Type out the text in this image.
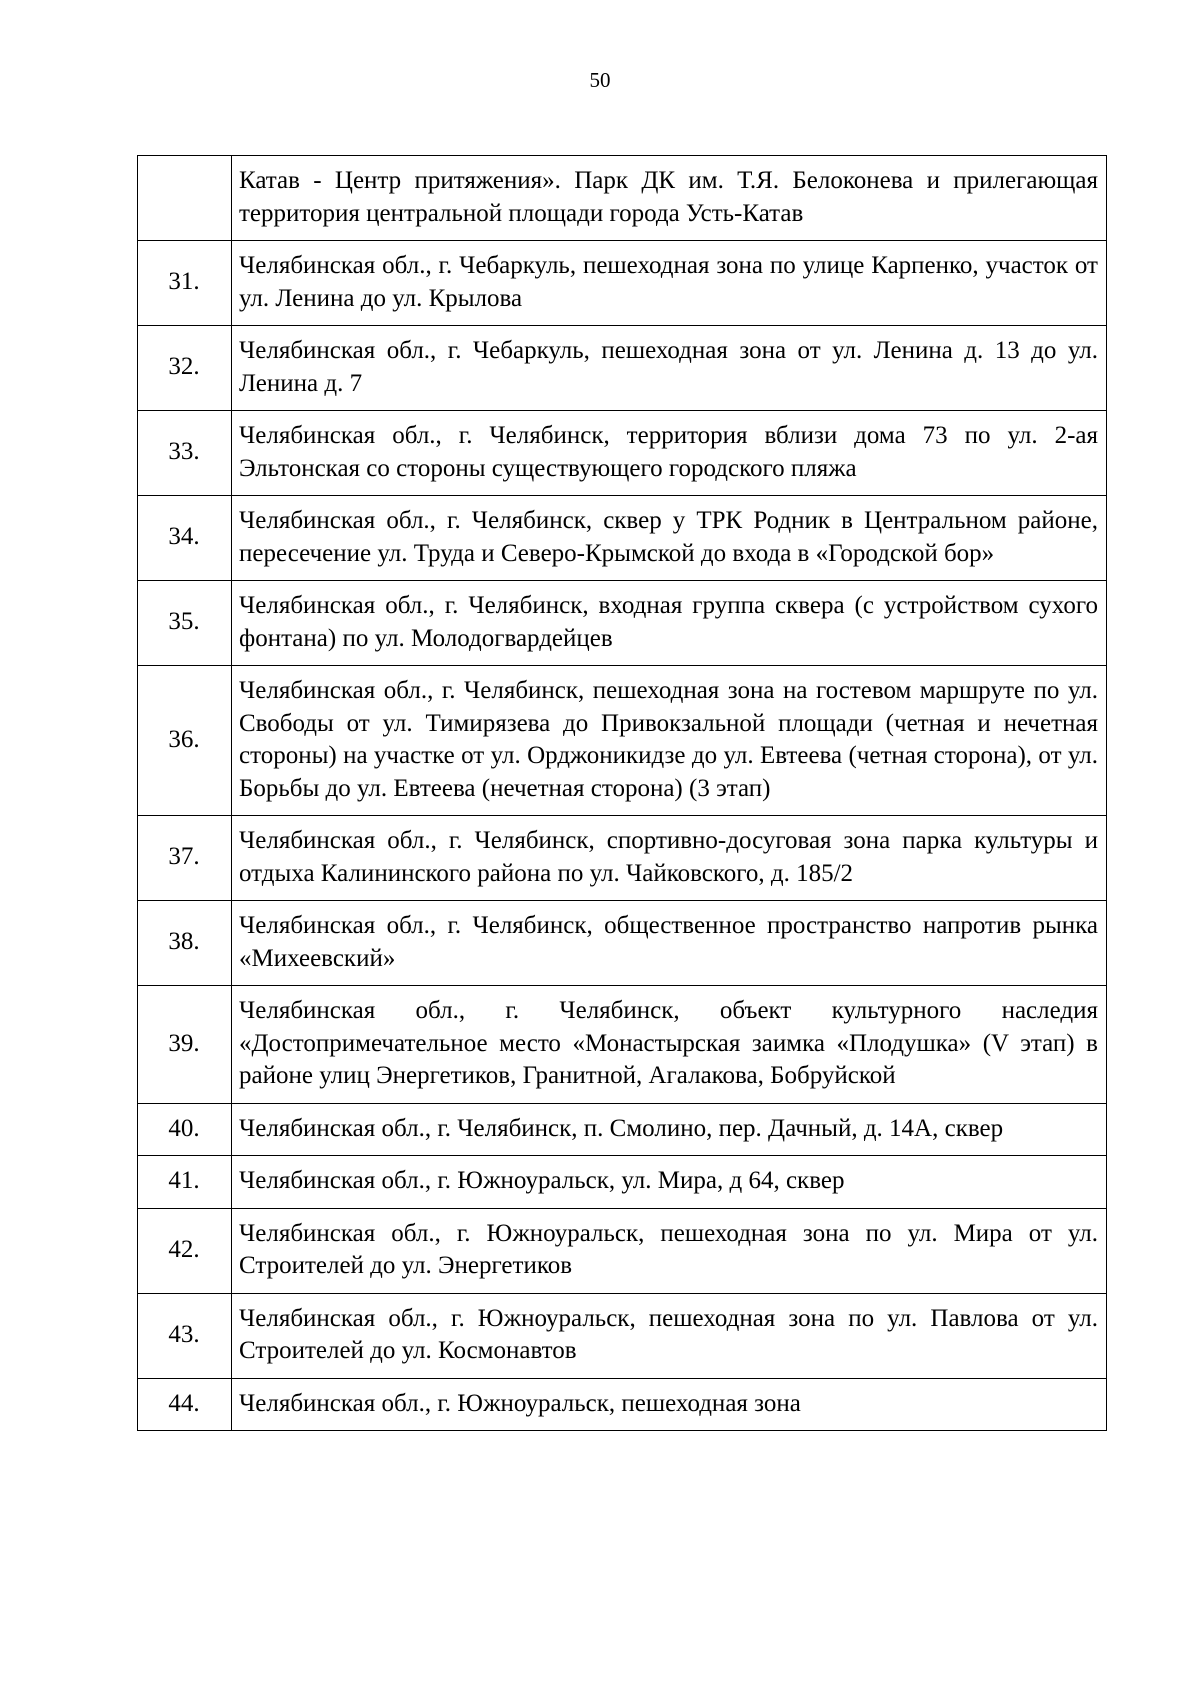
50
	Катав - Центр притяжения». Парк ДК им. Т.Я. Белоконева и прилегающая территория центральной площади города Усть-Катав
31.	Челябинская обл., г. Чебаркуль, пешеходная зона по улице Карпенко, участок от ул. Ленина до ул. Крылова
32.	Челябинская обл., г. Чебаркуль, пешеходная зона от ул. Ленина д. 13 до ул. Ленина д. 7
33.	Челябинская обл., г. Челябинск, территория вблизи дома 73 по ул. 2-ая Эльтонская со стороны существующего городского пляжа
34.	Челябинская обл., г. Челябинск, сквер у ТРК Родник в Центральном районе, пересечение ул. Труда и Северо-Крымской до входа в «Городской бор»
35.	Челябинская обл., г. Челябинск, входная группа сквера (с устройством сухого фонтана) по ул. Молодогвардейцев
36.	Челябинская обл., г. Челябинск, пешеходная зона на гостевом маршруте по ул. Свободы от ул. Тимирязева до Привокзальной площади (четная и нечетная стороны) на участке от ул. Орджоникидзе до ул. Евтеева (четная сторона), от ул. Борьбы до ул. Евтеева (нечетная сторона) (3 этап)
37.	Челябинская обл., г. Челябинск, спортивно-досуговая зона парка культуры и отдыха Калининского района по ул. Чайковского, д. 185/2
38.	Челябинская обл., г. Челябинск, общественное пространство напротив рынка «Михеевский»
39.	Челябинская обл., г. Челябинск, объект культурного наследия «Достопримечательное место «Монастырская заимка «Плодушка» (V этап) в районе улиц Энергетиков, Гранитной, Агалакова, Бобруйской
40.	Челябинская обл., г. Челябинск, п. Смолино, пер. Дачный, д. 14А, сквер
41.	Челябинская обл., г. Южноуральск, ул. Мира, д 64, сквер
42.	Челябинская обл., г. Южноуральск, пешеходная зона по ул. Мира от ул. Строителей до ул. Энергетиков
43.	Челябинская обл., г. Южноуральск, пешеходная зона по ул. Павлова от ул. Строителей до ул. Космонавтов
44.	Челябинская обл., г. Южноуральск, пешеходная зона
